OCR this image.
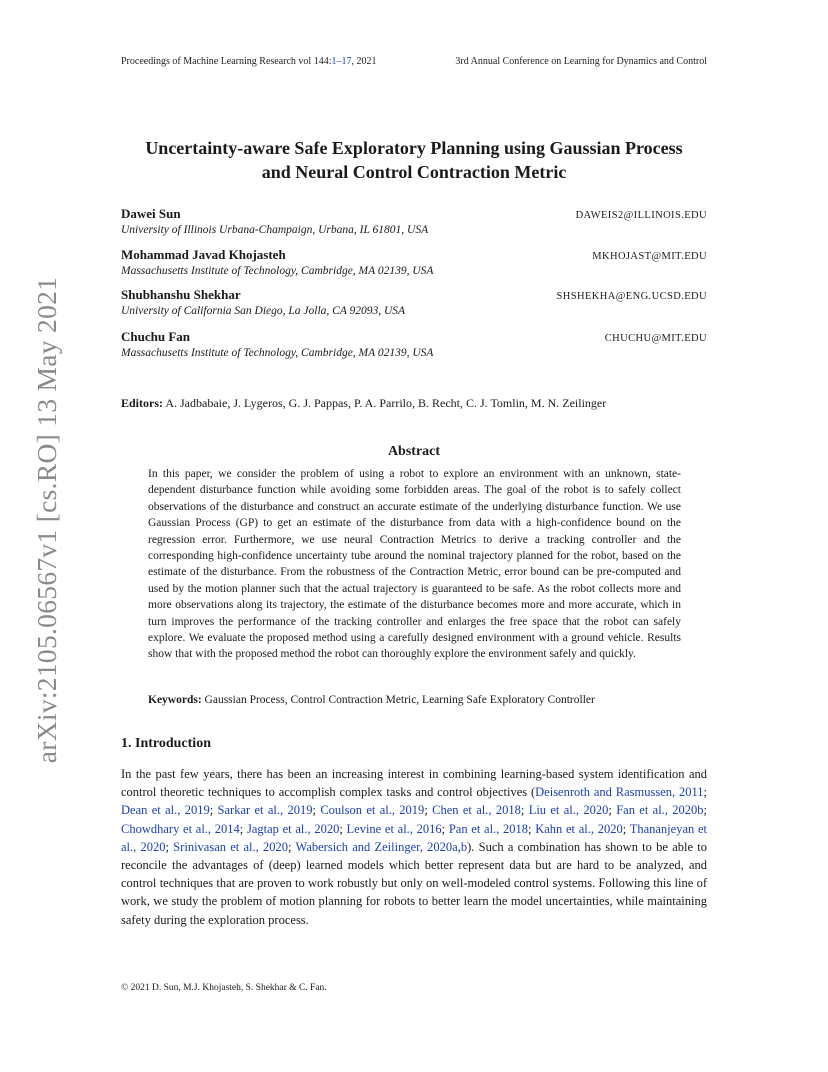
arXiv:2105.06567v1 [cs.RO] 13 May 2021
Proceedings of Machine Learning Research vol 144:1–17, 2021	3rd Annual Conference on Learning for Dynamics and Control
Uncertainty-aware Safe Exploratory Planning using Gaussian Process
and Neural Control Contraction Metric
Dawei Sun	DAWEIS2@ILLINOIS.EDU
University of Illinois Urbana-Champaign, Urbana, IL 61801, USA
Mohammad Javad Khojasteh	MKHOJAST@MIT.EDU
Massachusetts Institute of Technology, Cambridge, MA 02139, USA
Shubhanshu Shekhar	SHSHEKHA@ENG.UCSD.EDU
University of California San Diego, La Jolla, CA 92093, USA
Chuchu Fan	CHUCHU@MIT.EDU
Massachusetts Institute of Technology, Cambridge, MA 02139, USA
Editors: A. Jadbabaie, J. Lygeros, G. J. Pappas, P. A. Parrilo, B. Recht, C. J. Tomlin, M. N. Zeilinger
Abstract

In this paper, we consider the problem of using a robot to explore an environment with an unknown, state-dependent disturbance function while avoiding some forbidden areas. The goal of the robot is to safely collect observations of the disturbance and construct an accurate estimate of the underlying disturbance function. We use Gaussian Process (GP) to get an estimate of the disturbance from data with a high-confidence bound on the regression error. Furthermore, we use neural Contraction Metrics to derive a tracking controller and the corresponding high-confidence uncertainty tube around the nominal trajectory planned for the robot, based on the estimate of the disturbance. From the robustness of the Contraction Metric, error bound can be pre-computed and used by the motion planner such that the actual trajectory is guaranteed to be safe. As the robot collects more and more observations along its trajectory, the estimate of the disturbance becomes more and more accurate, which in turn improves the performance of the tracking controller and enlarges the free space that the robot can safely explore. We evaluate the proposed method using a carefully designed environment with a ground vehicle. Results show that with the proposed method the robot can thoroughly explore the environment safely and quickly.

Keywords: Gaussian Process, Control Contraction Metric, Learning Safe Exploratory Controller
1. Introduction

In the past few years, there has been an increasing interest in combining learning-based system identification and control theoretic techniques to accomplish complex tasks and control objectives (Deisenroth and Rasmussen, 2011; Dean et al., 2019; Sarkar et al., 2019; Coulson et al., 2019; Chen et al., 2018; Liu et al., 2020; Fan et al., 2020b; Chowdhary et al., 2014; Jagtap et al., 2020; Levine et al., 2016; Pan et al., 2018; Kahn et al., 2020; Thananjeyan et al., 2020; Srinivasan et al., 2020; Wabersich and Zeilinger, 2020a,b). Such a combination has shown to be able to reconcile the advantages of (deep) learned models which better represent data but are hard to be analyzed, and control techniques that are proven to work robustly but only on well-modeled control systems. Following this line of work, we study the problem of motion planning for robots to better learn the model uncertainties, while maintaining safety during the exploration process.

© 2021 D. Sun, M.J. Khojasteh, S. Shekhar & C. Fan.
